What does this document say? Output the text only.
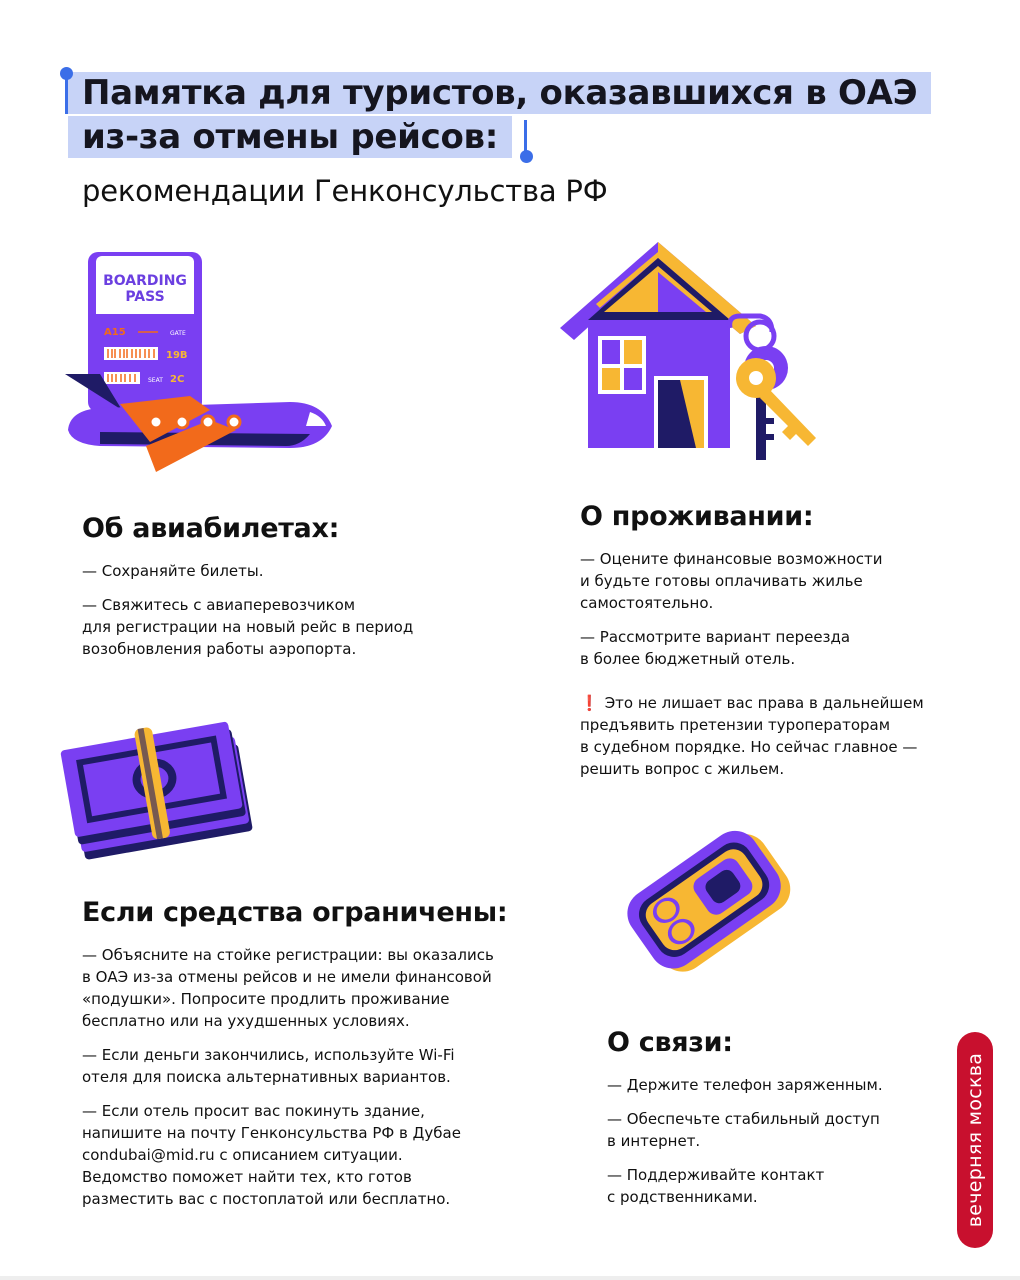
Памятка для туристов, оказавшихся в ОАЭ
из-за отмены рейсов:
рекомендации Генконсульства РФ
BOARDING
PASS
A15	GATE
19B
SEAT 2C
Об авиабилетах:

— Сохраняйте билеты.

— Свяжитесь с авиаперевозчиком
для регистрации на новый рейс в период
возобновления работы аэропорта.

О проживании:

— Оцените финансовые возможности
и будьте готовы оплачивать жилье
самостоятельно.

— Рассмотрите вариант переезда
в более бюджетный отель.

❗ Это не лишает вас права в дальнейшем
предъявить претензии туроператорам
в судебном порядке. Но сейчас главное —
решить вопрос с жильем.

Если средства ограничены:

— Объясните на стойке регистрации: вы оказались
в ОАЭ из-за отмены рейсов и не имели финансовой
«подушки». Попросите продлить проживание
бесплатно или на ухудшенных условиях.

— Если деньги закончились, используйте Wi-Fi
отеля для поиска альтернативных вариантов.

— Если отель просит вас покинуть здание,
напишите на почту Генконсульства РФ в Дубае
condubai@mid.ru с описанием ситуации.
Ведомство поможет найти тех, кто готов
разместить вас с постоплатой или бесплатно.

О связи:

— Держите телефон заряженным.

— Обеспечьте стабильный доступ
в интернет.

— Поддерживайте контакт
с родственниками.	вечерняя москва
